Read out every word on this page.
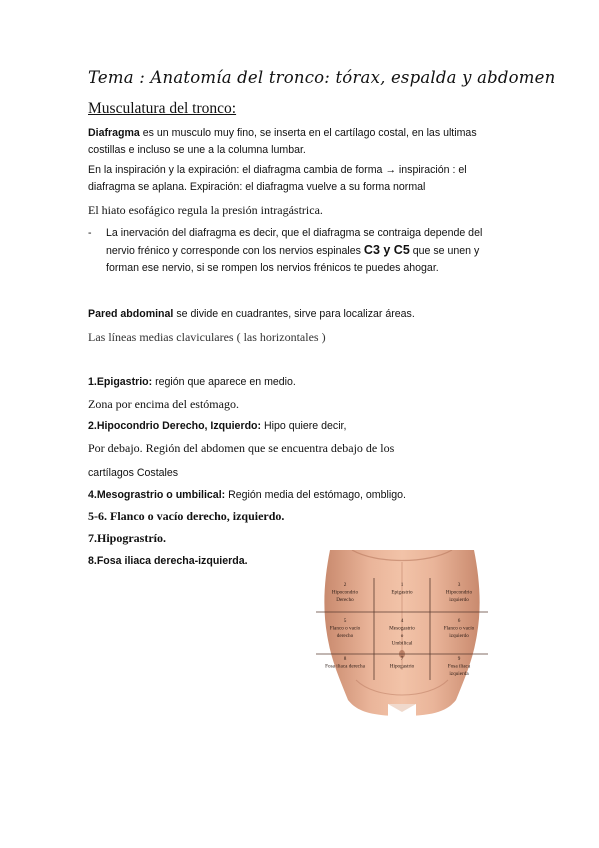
Tema : Anatomía del tronco: tórax, espalda y abdomen
Musculatura del tronco:
Diafragma es un musculo muy fino, se inserta en el cartílago costal, en las ultimas
costillas e incluso se une a la columna lumbar.
En la inspiración y la expiración: el diafragma cambia de forma → inspiración : el
diafragma se aplana. Expiración: el diafragma vuelve a su forma normal
El hiato esofágico regula la presión intragástrica.
- La inervación del diafragma es decir, que el diafragma se contraiga depende del
nervio frénico y corresponde con los nervios espinales C3 y C5 que se unen y
forman ese nervio, si se rompen los nervios frénicos te puedes ahogar.
Pared abdominal se divide en cuadrantes, sirve para localizar áreas.
Las líneas medias claviculares ( las horizontales )
1.Epigastrio: región que aparece en medio.
Zona por encima del estómago.
2.Hipocondrio Derecho, Izquierdo: Hipo quiere decir,
Por debajo. Región del abdomen que se encuentra debajo de los
cartílagos Costales
4.Mesograstrio o umbilical: Región media del estómago, ombligo.
5-6. Flanco o vacío derecho, izquierdo.
7.Hipograstrío.
8.Fosa iliaca derecha-izquierda.
2
Hipocondrio
Derecho
1
Epigastrio
3
Hipocondrio
izquierdo
5
Flanco o vacío
derecho
4
Mesogastrio
o
Umbilical
6
Flanco o vacío
izquierdo
8
Fosa iliaca derecha
7
Hipogastrio
9
Fosa iliaca
izquierda
